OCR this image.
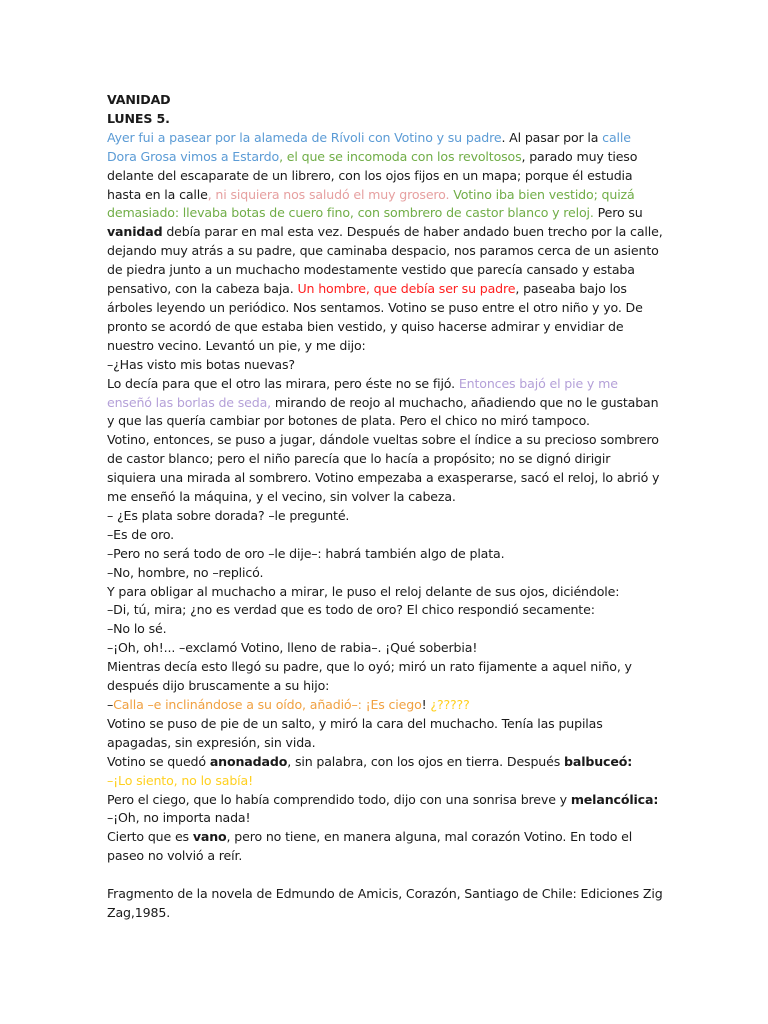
VANIDAD
LUNES 5.
Ayer fui a pasear por la alameda de Rívoli con Votino y su padre. Al pasar por la calle Dora Grosa vimos a Estardo, el que se incomoda con los revoltosos, parado muy tieso delante del escaparate de un librero, con los ojos fijos en un mapa; porque él estudia hasta en la calle, ni siquiera nos saludó el muy grosero. Votino iba bien vestido; quizá demasiado: llevaba botas de cuero fino, con sombrero de castor blanco y reloj. Pero su vanidad debía parar en mal esta vez. Después de haber andado buen trecho por la calle, dejando muy atrás a su padre, que caminaba despacio, nos paramos cerca de un asiento de piedra junto a un muchacho modestamente vestido que parecía cansado y estaba pensativo, con la cabeza baja. Un hombre, que debía ser su padre, paseaba bajo los árboles leyendo un periódico. Nos sentamos. Votino se puso entre el otro niño y yo. De pronto se acordó de que estaba bien vestido, y quiso hacerse admirar y envidiar de nuestro vecino. Levantó un pie, y me dijo:
–¿Has visto mis botas nuevas?
Lo decía para que el otro las mirara, pero éste no se fijó. Entonces bajó el pie y me enseñó las borlas de seda, mirando de reojo al muchacho, añadiendo que no le gustaban y que las quería cambiar por botones de plata. Pero el chico no miró tampoco.
Votino, entonces, se puso a jugar, dándole vueltas sobre el índice a su precioso sombrero de castor blanco; pero el niño parecía que lo hacía a propósito; no se dignó dirigir siquiera una mirada al sombrero. Votino empezaba a exasperarse, sacó el reloj, lo abrió y me enseñó la máquina, y el vecino, sin volver la cabeza.
– ¿Es plata sobre dorada? –le pregunté.
–Es de oro.
–Pero no será todo de oro –le dije–: habrá también algo de plata.
–No, hombre, no –replicó.
Y para obligar al muchacho a mirar, le puso el reloj delante de sus ojos, diciéndole:
–Di, tú, mira; ¿no es verdad que es todo de oro? El chico respondió secamente:
–No lo sé.
–¡Oh, oh!... –exclamó Votino, lleno de rabia–. ¡Qué soberbia!
Mientras decía esto llegó su padre, que lo oyó; miró un rato fijamente a aquel niño, y después dijo bruscamente a su hijo:
–Calla –e inclinándose a su oído, añadió–: ¡Es ciego! ¿?????
Votino se puso de pie de un salto, y miró la cara del muchacho. Tenía las pupilas apagadas, sin expresión, sin vida.
Votino se quedó anonadado, sin palabra, con los ojos en tierra. Después balbuceó:
–¡Lo siento, no lo sabía!
Pero el ciego, que lo había comprendido todo, dijo con una sonrisa breve y melancólica:
–¡Oh, no importa nada!
Cierto que es vano, pero no tiene, en manera alguna, mal corazón Votino. En todo el paseo no volvió a reír.
Fragmento de la novela de Edmundo de Amicis, Corazón, Santiago de Chile: Ediciones Zig Zag,1985.
